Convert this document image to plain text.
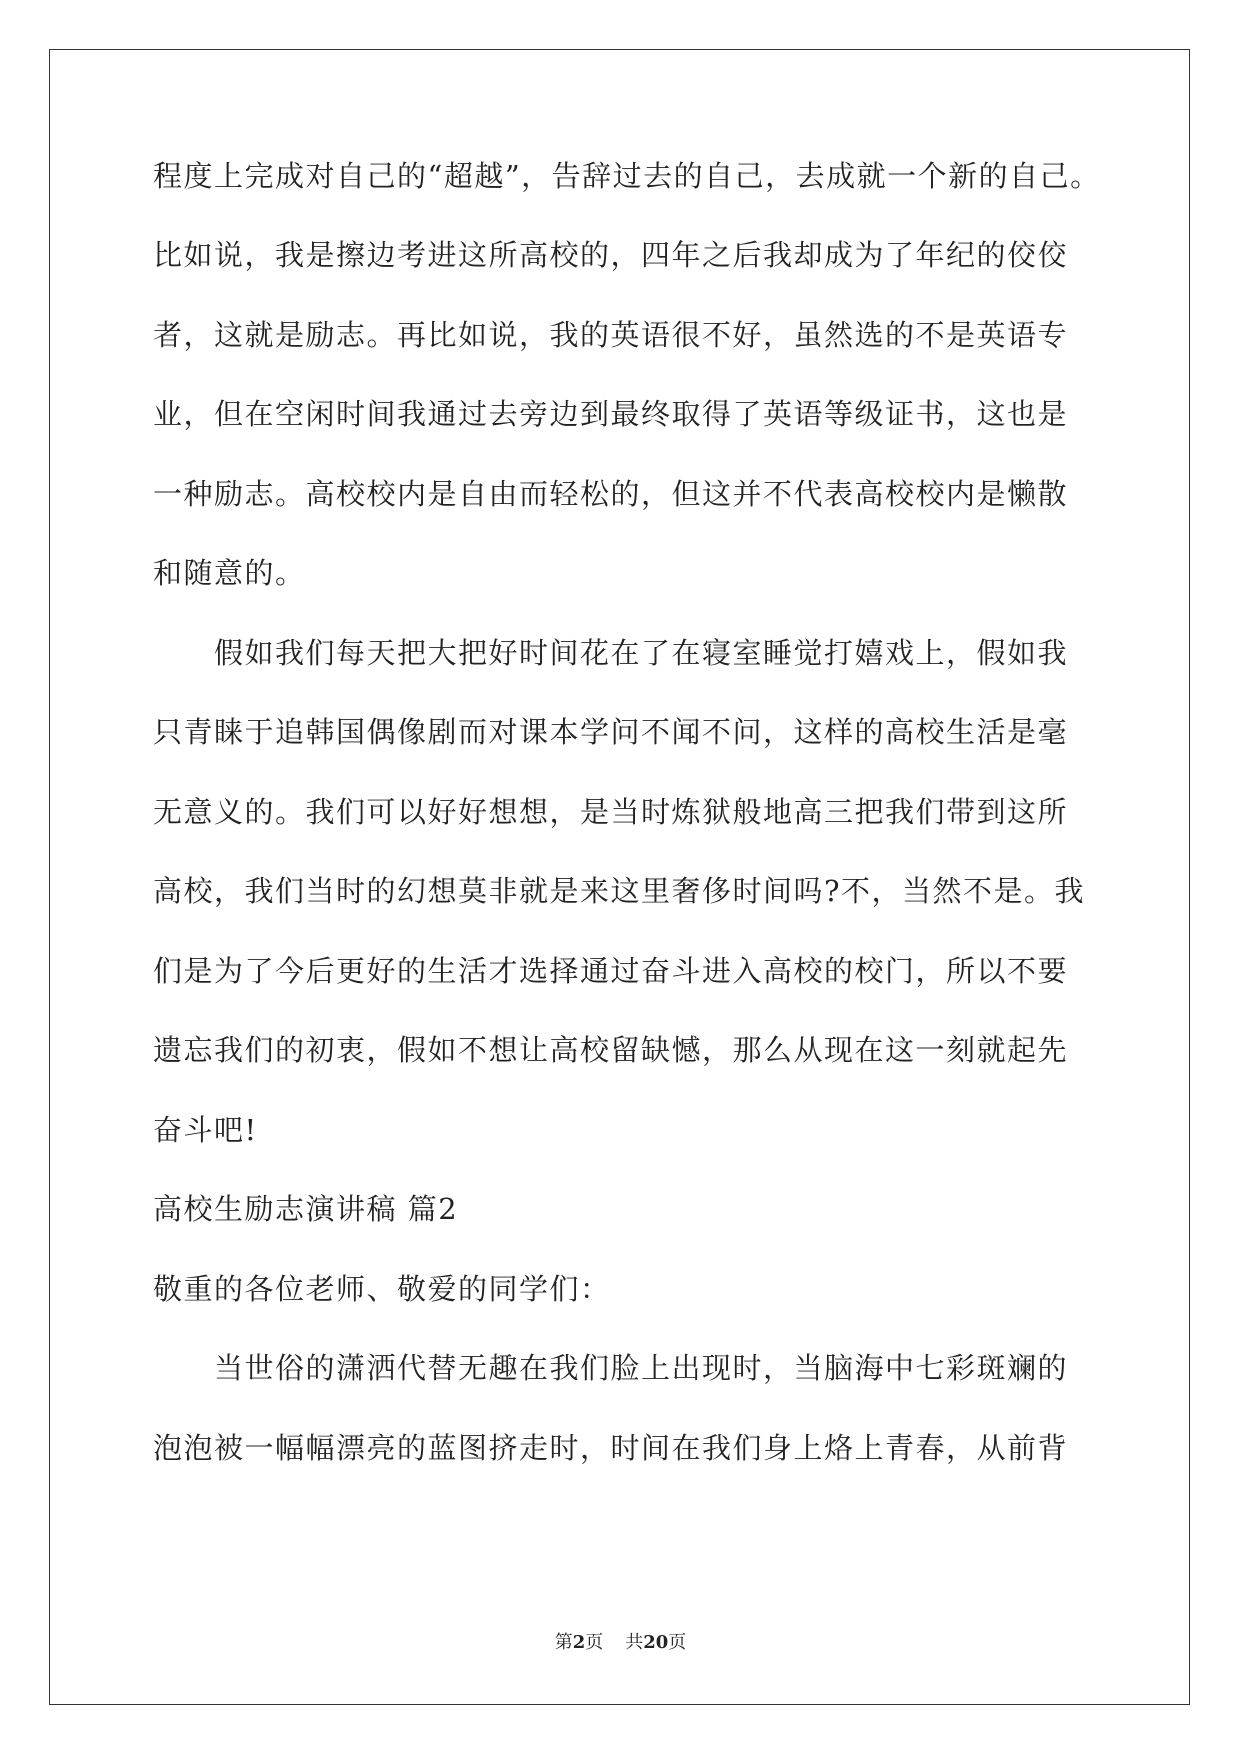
程度上完成对自己的“超越”，告辞过去的自己，去成就一个新的自己。
比如说，我是擦边考进这所高校的，四年之后我却成为了年纪的佼佼
者，这就是励志。再比如说，我的英语很不好，虽然选的不是英语专
业，但在空闲时间我通过去旁边到最终取得了英语等级证书，这也是
一种励志。高校校内是自由而轻松的，但这并不代表高校校内是懒散
和随意的。
假如我们每天把大把好时间花在了在寝室睡觉打嬉戏上，假如我
只青睐于追韩国偶像剧而对课本学问不闻不问，这样的高校生活是毫
无意义的。我们可以好好想想，是当时炼狱般地高三把我们带到这所
高校，我们当时的幻想莫非就是来这里奢侈时间吗?不，当然不是。我
们是为了今后更好的生活才选择通过奋斗进入高校的校门，所以不要
遗忘我们的初衷，假如不想让高校留缺憾，那么从现在这一刻就起先
奋斗吧!
高校生励志演讲稿 篇2
敬重的各位老师、敬爱的同学们：
当世俗的潇洒代替无趣在我们脸上出现时，当脑海中七彩斑斓的
泡泡被一幅幅漂亮的蓝图挤走时，时间在我们身上烙上青春，从前背
第2页 共20页
